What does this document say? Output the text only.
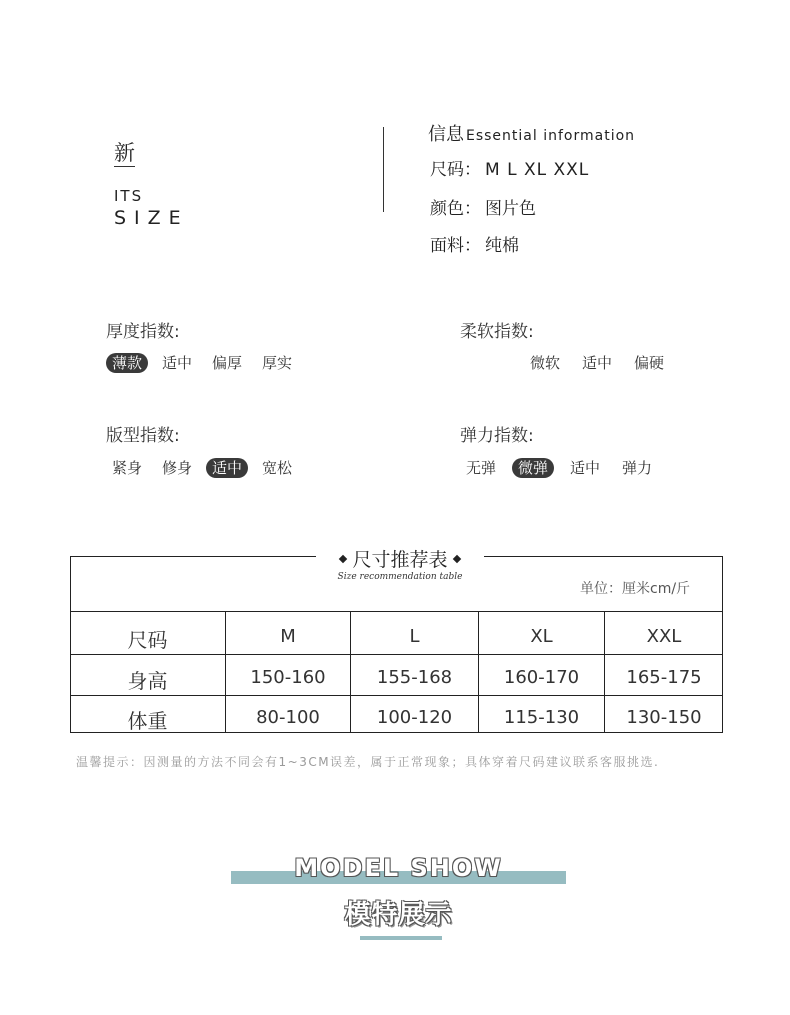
新
ITS
SIZE
信息 Essential information
尺码： M L XL XXL
颜色： 图片色
面料： 纯棉
厚度指数:
薄款	适中	偏厚	厚实
柔软指数:
微软	适中	偏硬
版型指数:
紧身	修身	适中	宽松
弹力指数:
无弹	微弹	适中	弹力
尺寸推荐表
Size recommendation table
单位：厘米cm/斤
尺码	M	L	XL	XXL
身高	150-160	155-168	160-170	165-175
体重	80-100	100-120	115-130	130-150
温馨提示：因测量的方法不同会有1~3CM误差，属于正常现象；具体穿着尺码建议联系客服挑选.
MODEL SHOW
模特展示
